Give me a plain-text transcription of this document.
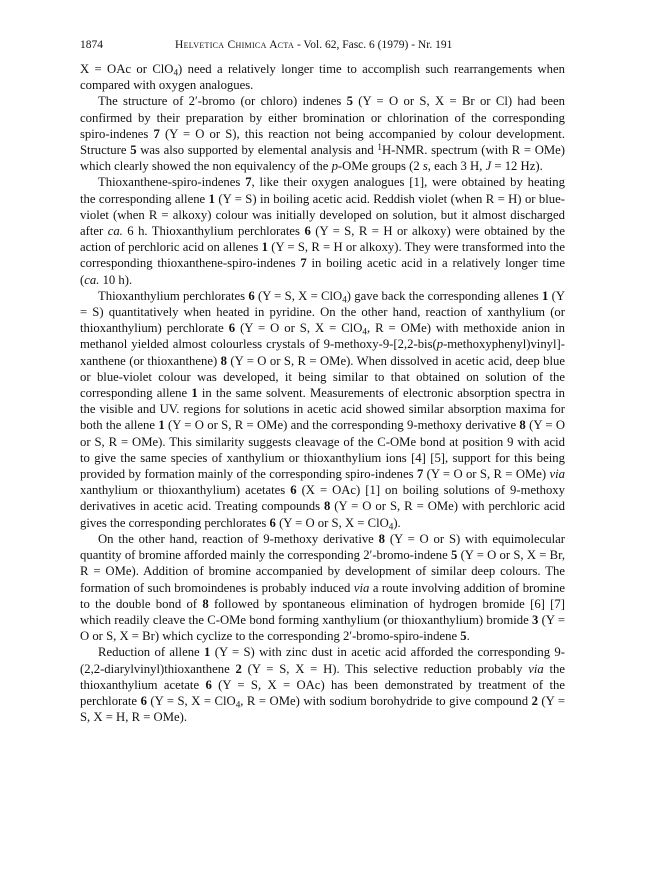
1874	Helvetica Chimica Acta - Vol. 62, Fasc. 6 (1979) - Nr. 191

X = OAc or ClO$_4$) need a relatively longer time to accomplish such rearrangements when compared with oxygen analogues.

The structure of 2′-bromo (or chloro) indenes 5 (Y = O or S, X = Br or Cl) had been confirmed by their preparation by either bromination or chlorination of the corresponding spiro-indenes 7 (Y = O or S), this reaction not being accompanied by colour development. Structure 5 was also supported by elemental analysis and $^1$H-NMR. spectrum (with R = OMe) which clearly showed the non equivalency of the p-OMe groups (2 s, each 3 H, J = 12 Hz).

Thioxanthene-spiro-indenes 7, like their oxygen analogues [1], were obtained by heating the corresponding allene 1 (Y = S) in boiling acetic acid. Reddish violet (when R = H) or blue-violet (when R = alkoxy) colour was initially developed on solution, but it almost discharged after ca. 6 h. Thioxanthylium perchlorates 6 (Y = S, R = H or alkoxy) were obtained by the action of perchloric acid on allenes 1 (Y = S, R = H or alkoxy). They were transformed into the corresponding thioxanthene-spiro-indenes 7 in boiling acetic acid in a relatively longer time (ca. 10 h).

Thioxanthylium perchlorates 6 (Y = S, X = ClO$_4$) gave back the corresponding allenes 1 (Y = S) quantitatively when heated in pyridine. On the other hand, reaction of xanthylium (or thioxanthylium) perchlorate 6 (Y = O or S, X = ClO$_4$, R = OMe) with methoxide anion in methanol yielded almost colourless crystals of 9-methoxy-9-[2,2-bis(p-methoxyphenyl)vinyl]-xanthene (or thioxanthene) 8 (Y = O or S, R = OMe). When dissolved in acetic acid, deep blue or blue-violet colour was developed, it being similar to that obtained on solution of the corresponding allene 1 in the same solvent. Measurements of electronic absorption spectra in the visible and UV. regions for solutions in acetic acid showed similar absorption maxima for both the allene 1 (Y = O or S, R = OMe) and the corresponding 9-methoxy derivative 8 (Y = O or S, R = OMe). This similarity suggests cleavage of the C-OMe bond at position 9 with acid to give the same species of xanthylium or thioxanthylium ions [4] [5], support for this being provided by formation mainly of the corresponding spiro-indenes 7 (Y = O or S, R = OMe) via xanthylium or thioxanthylium) acetates 6 (X = OAc) [1] on boiling solutions of 9-methoxy derivatives in acetic acid. Treating compounds 8 (Y = O or S, R = OMe) with perchloric acid gives the corresponding perchlorates 6 (Y = O or S, X = ClO$_4$).

On the other hand, reaction of 9-methoxy derivative 8 (Y = O or S) with equimolecular quantity of bromine afforded mainly the corresponding 2′-bromo-indene 5 (Y = O or S, X = Br, R = OMe). Addition of bromine accompanied by development of similar deep colours. The formation of such bromoindenes is probably induced via a route involving addition of bromine to the double bond of 8 followed by spontaneous elimination of hydrogen bromide [6] [7] which readily cleave the C-OMe bond forming xanthylium (or thioxanthylium) bromide 3 (Y = O or S, X = Br) which cyclize to the corresponding 2′-bromo-spiro-indene 5.

Reduction of allene 1 (Y = S) with zinc dust in acetic acid afforded the corresponding 9-(2,2-diarylvinyl)thioxanthene 2 (Y = S, X = H). This selective reduction probably via the thioxanthylium acetate 6 (Y = S, X = OAc) has been demonstrated by treatment of the perchlorate 6 (Y = S, X = ClO$_4$, R = OMe) with sodium borohydride to give compound 2 (Y = S, X = H, R = OMe).
